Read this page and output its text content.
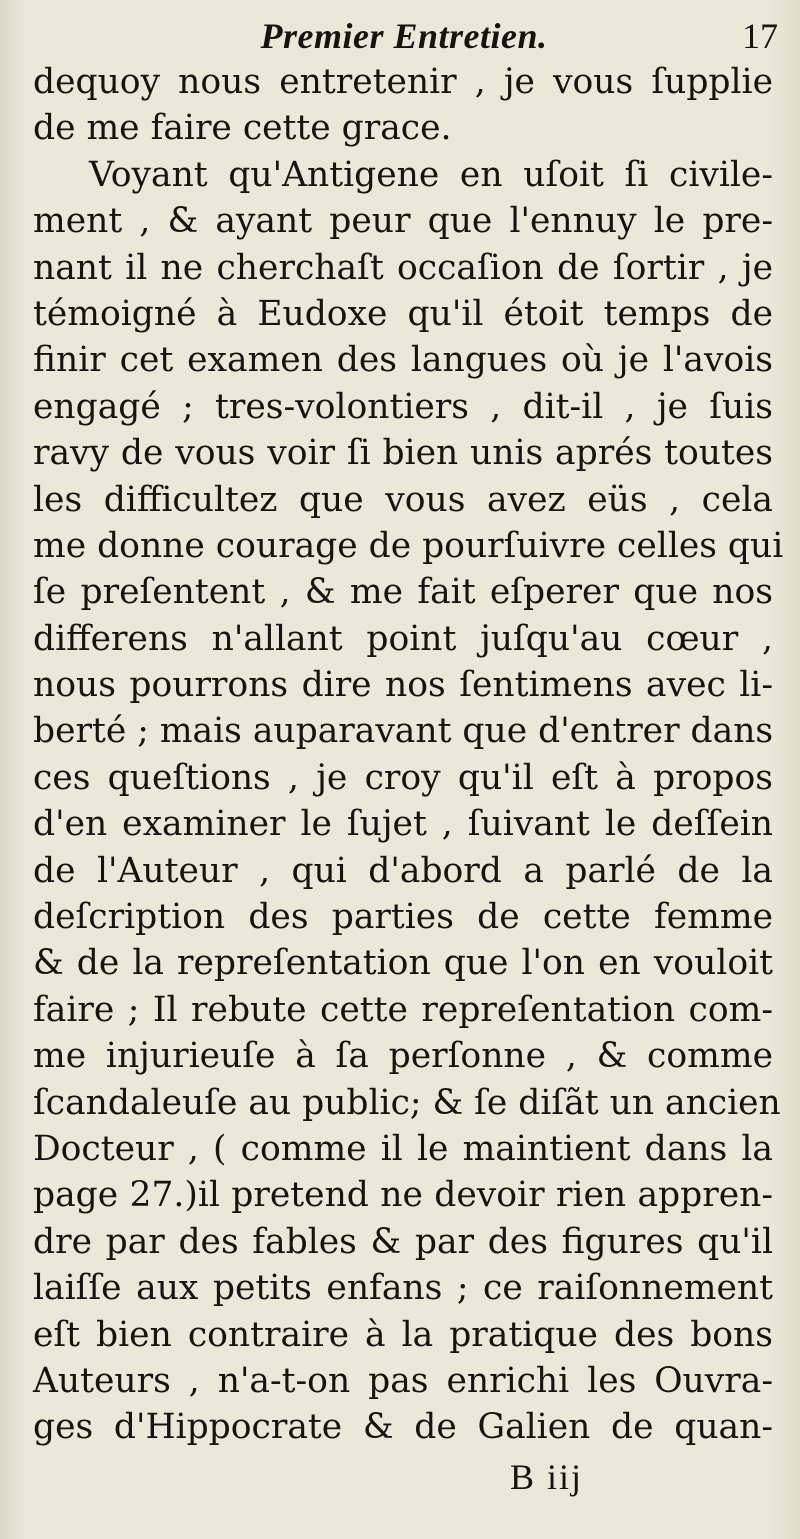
Premier Entretien.	17
dequoy nous entretenir , je vous ſupplie
de me faire cette grace.
Voyant qu'Antigene en uſoit ſi civile-
ment , & ayant peur que l'ennuy le pre-
nant il ne cherchaſt occaſion de ſortir , je
témoigné à Eudoxe qu'il étoit temps de
finir cet examen des langues où je l'avois
engagé ; tres-volontiers , dit-il , je ſuis
ravy de vous voir ſi bien unis aprés toutes
les difficultez que vous avez eüs , cela
me donne courage de pourſuivre celles qui
ſe preſentent , & me fait eſperer que nos
differens n'allant point juſqu'au cœur ,
nous pourrons dire nos ſentimens avec li-
berté ; mais auparavant que d'entrer dans
ces queſtions , je croy qu'il eſt à propos
d'en examiner le ſujet , ſuivant le deſſein
de l'Auteur , qui d'abord a parlé de la
deſcription des parties de cette femme
& de la repreſentation que l'on en vouloit
faire ; Il rebute cette repreſentation com-
me injurieuſe à ſa perſonne , & comme
ſcandaleuſe au public; & ſe diſãt un ancien
Docteur , ( comme il le maintient dans la
page 27.)il pretend ne devoir rien appren-
dre par des fables & par des figures qu'il
laiſſe aux petits enfans ; ce raiſonnement
eſt bien contraire à la pratique des bons
Auteurs , n'a-t-on pas enrichi les Ouvra-
ges d'Hippocrate & de Galien de quan-
B iij
